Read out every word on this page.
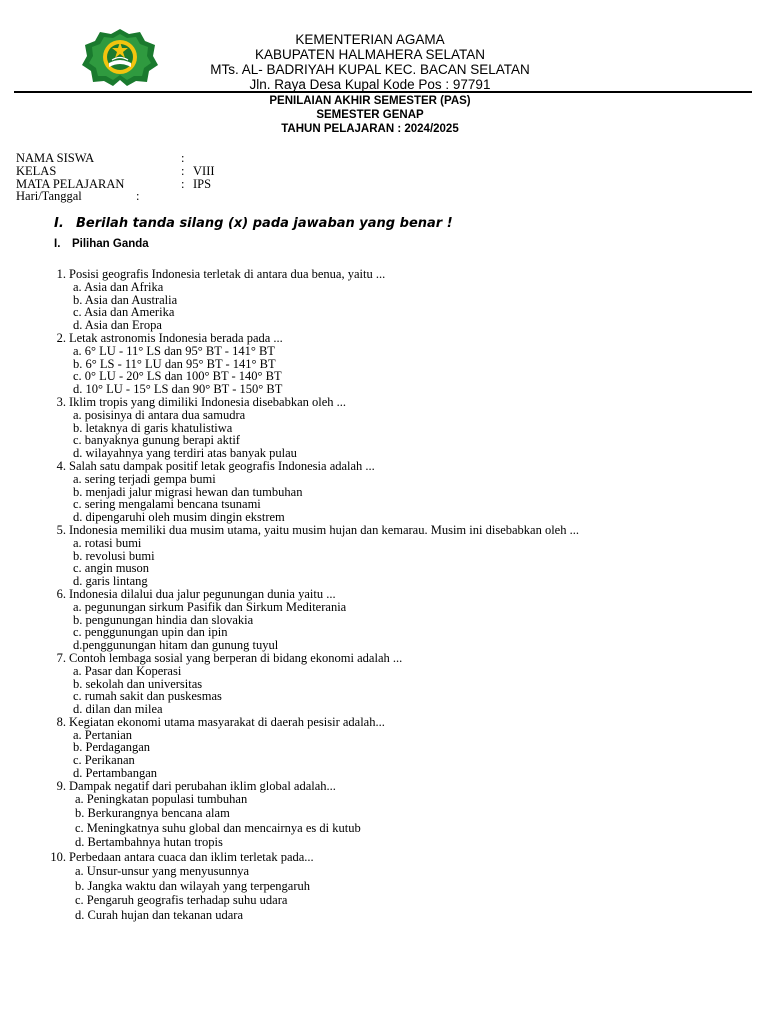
KEMENTERIAN AGAMA
KABUPATEN HALMAHERA SELATAN
MTs. AL- BADRIYAH KUPAL KEC. BACAN SELATAN
Jln. Raya Desa Kupal Kode Pos : 97791
PENILAIAN AKHIR SEMESTER (PAS)
SEMESTER GENAP
TAHUN PELAJARAN : 2024/2025
NAMA SISWA	:
KELAS	: VIII
MATA PELAJARAN	: IPS
Hari/Tanggal	:
I. Berilah tanda silang (x) pada jawaban yang benar !
I. Pilihan Ganda
1. Posisi geografis Indonesia terletak di antara dua benua, yaitu ...
a. Asia dan Afrika
b. Asia dan Australia
c. Asia dan Amerika
d. Asia dan Eropa
2. Letak astronomis Indonesia berada pada ...
a. 6° LU - 11° LS dan 95° BT - 141° BT
b. 6° LS - 11° LU dan 95° BT - 141° BT
c. 0° LU - 20° LS dan 100° BT - 140° BT
d. 10° LU - 15° LS dan 90° BT - 150° BT
3. Iklim tropis yang dimiliki Indonesia disebabkan oleh ...
a. posisinya di antara dua samudra
b. letaknya di garis khatulistiwa
c. banyaknya gunung berapi aktif
d. wilayahnya yang terdiri atas banyak pulau
4. Salah satu dampak positif letak geografis Indonesia adalah ...
a. sering terjadi gempa bumi
b. menjadi jalur migrasi hewan dan tumbuhan
c. sering mengalami bencana tsunami
d. dipengaruhi oleh musim dingin ekstrem
5. Indonesia memiliki dua musim utama, yaitu musim hujan dan kemarau. Musim ini disebabkan oleh ...
a. rotasi bumi
b. revolusi bumi
c. angin muson
d. garis lintang
6. Indonesia dilalui dua jalur pegunungan dunia yaitu ...
a. pegunungan sirkum Pasifik dan Sirkum Mediterania
b. pengunungan hindia dan slovakia
c. penggunungan upin dan ipin
d.penggunungan hitam dan gunung tuyul
7. Contoh lembaga sosial yang berperan di bidang ekonomi adalah ...
a. Pasar dan Koperasi
b. sekolah dan universitas
c. rumah sakit dan puskesmas
d. dilan dan milea
8. Kegiatan ekonomi utama masyarakat di daerah pesisir adalah...
a. Pertanian
b. Perdagangan
c. Perikanan
d. Pertambangan
9. Dampak negatif dari perubahan iklim global adalah...
a. Peningkatan populasi tumbuhan
b. Berkurangnya bencana alam
c. Meningkatnya suhu global dan mencairnya es di kutub
d. Bertambahnya hutan tropis
10. Perbedaan antara cuaca dan iklim terletak pada...
a. Unsur-unsur yang menyusunnya
b. Jangka waktu dan wilayah yang terpengaruh
c. Pengaruh geografis terhadap suhu udara
d. Curah hujan dan tekanan udara
